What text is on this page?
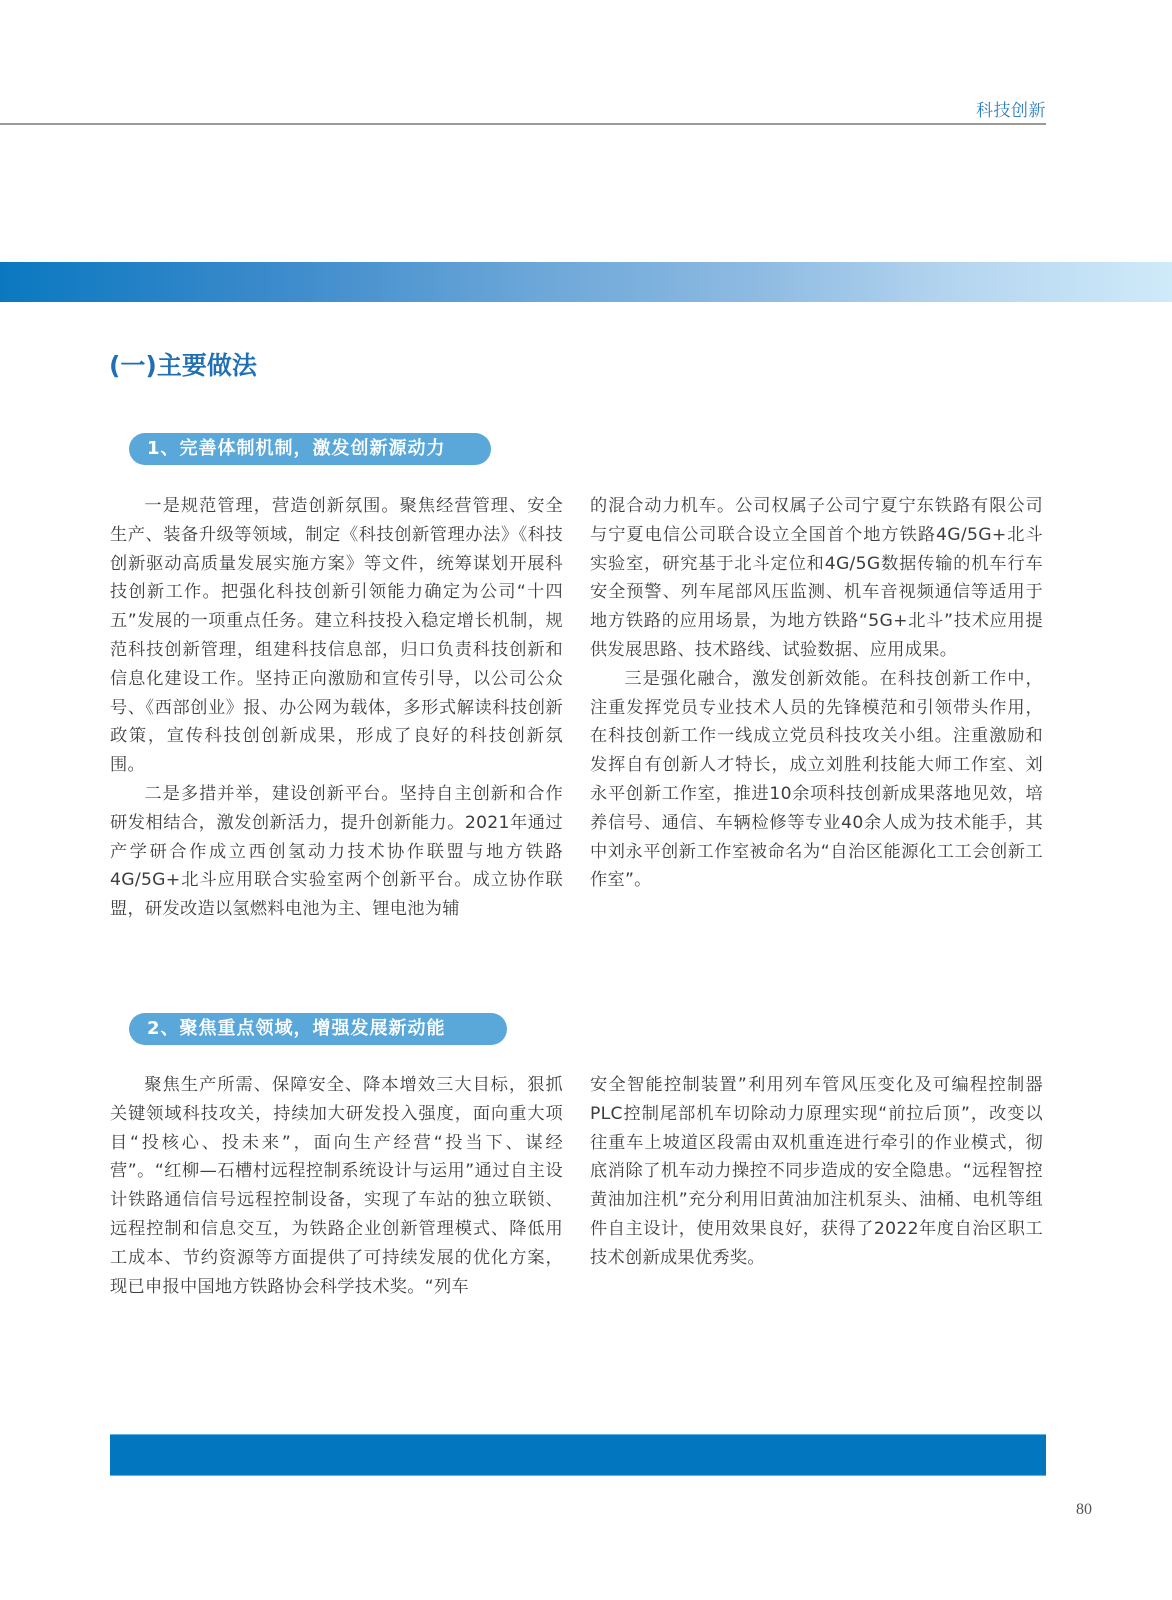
科技创新
(一)主要做法
1、完善体制机制，激发创新源动力

一是规范管理，营造创新氛围。聚焦经营管理、安全生产、装备升级等领域，制定《科技创新管理办法》《科技创新驱动高质量发展实施方案》等文件，统筹谋划开展科技创新工作。把强化科技创新引领能力确定为公司“十四五”发展的一项重点任务。建立科技投入稳定增长机制，规范科技创新管理，组建科技信息部，归口负责科技创新和信息化建设工作。坚持正向激励和宣传引导，以公司公众号、《西部创业》报、办公网为载体，多形式解读科技创新政策，宣传科技创创新成果，形成了良好的科技创新氛围。

二是多措并举，建设创新平台。坚持自主创新和合作研发相结合，激发创新活力，提升创新能力。2021年通过产学研合作成立西创氢动力技术协作联盟与地方铁路4G/5G+北斗应用联合实验室两个创新平台。成立协作联盟，研发改造以氢燃料电池为主、锂电池为辅

的混合动力机车。公司权属子公司宁夏宁东铁路有限公司与宁夏电信公司联合设立全国首个地方铁路4G/5G+北斗实验室，研究基于北斗定位和4G/5G数据传输的机车行车安全预警、列车尾部风压监测、机车音视频通信等适用于地方铁路的应用场景，为地方铁路“5G+北斗”技术应用提供发展思路、技术路线、试验数据、应用成果。

三是强化融合，激发创新效能。在科技创新工作中，注重发挥党员专业技术人员的先锋模范和引领带头作用，在科技创新工作一线成立党员科技攻关小组。注重激励和发挥自有创新人才特长，成立刘胜利技能大师工作室、刘永平创新工作室，推进10余项科技创新成果落地见效，培养信号、通信、车辆检修等专业40余人成为技术能手，其中刘永平创新工作室被命名为“自治区能源化工工会创新工作室”。

2、聚焦重点领域，增强发展新动能

聚焦生产所需、保障安全、降本增效三大目标，狠抓关键领域科技攻关，持续加大研发投入强度，面向重大项目“投核心、投未来”，面向生产经营“投当下、谋经营”。“红柳—石槽村远程控制系统设计与运用”通过自主设计铁路通信信号远程控制设备，实现了车站的独立联锁、远程控制和信息交互，为铁路企业创新管理模式、降低用工成本、节约资源等方面提供了可持续发展的优化方案，现已申报中国地方铁路协会科学技术奖。“列车

安全智能控制装置”利用列车管风压变化及可编程控制器PLC控制尾部机车切除动力原理实现“前拉后顶”，改变以往重车上坡道区段需由双机重连进行牵引的作业模式，彻底消除了机车动力操控不同步造成的安全隐患。“远程智控黄油加注机”充分利用旧黄油加注机泵头、油桶、电机等组件自主设计，使用效果良好，获得了2022年度自治区职工技术创新成果优秀奖。

80
